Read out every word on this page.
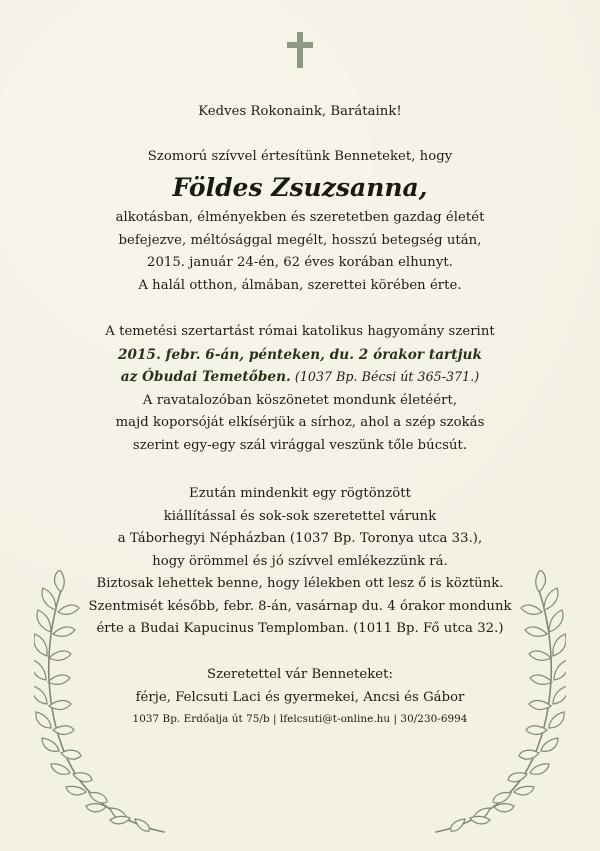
Kedves Rokonaink, Barátaink!
Szomorú szívvel értesítünk Benneteket, hogy
Földes Zsuzsanna,
alkotásban, élményekben és szeretetben gazdag életét
befejezve, méltósággal megélt, hosszú betegség után,
2015. január 24-én, 62 éves korában elhunyt.
A halál otthon, álmában, szerettei körében érte.
A temetési szertartást római katolikus hagyomány szerint
2015. febr. 6-án, pénteken, du. 2 órakor tartjuk
az Óbudai Temetőben. (1037 Bp. Bécsi út 365-371.)
A ravatalozóban köszönetet mondunk életéért,
majd koporsóját elkísérjük a sírhoz, ahol a szép szokás
szerint egy-egy szál virággal veszünk tőle búcsút.
Ezután mindenkit egy rögtönzött
kiállítással és sok-sok szeretettel várunk
a Táborhegyi Népházban (1037 Bp. Toronya utca 33.),
hogy örömmel és jó szívvel emlékezzünk rá.
Biztosak lehettek benne, hogy lélekben ott lesz ő is köztünk.
Szentmisét később, febr. 8-án, vasárnap du. 4 órakor mondunk
érte a Budai Kapucinus Templomban. (1011 Bp. Fő utca 32.)
Szeretettel vár Benneteket:
férje, Felcsuti Laci és gyermekei, Ancsi és Gábor
1037 Bp. Erdőalja út 75/b | lfelcsuti@t-online.hu | 30/230-6994
